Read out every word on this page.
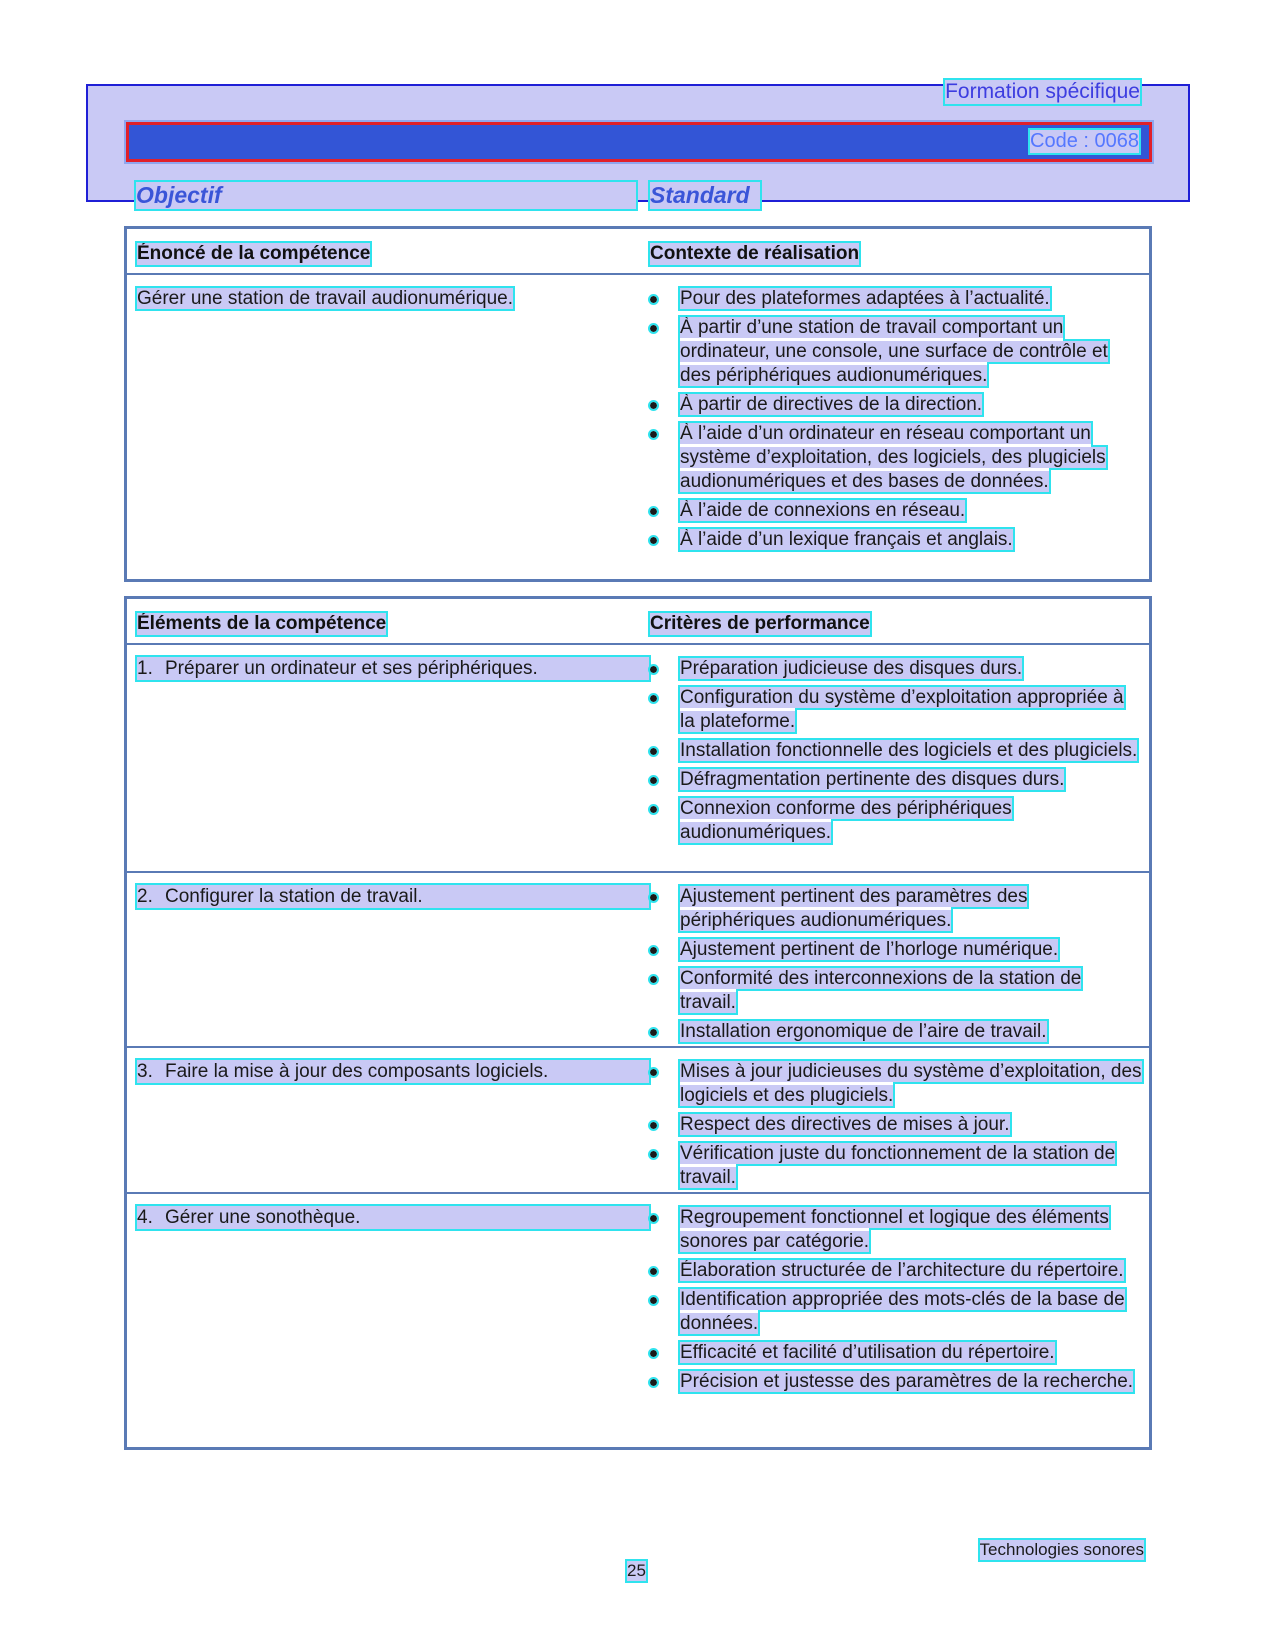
Formation spécifique
Code : 0068
Objectif	Standard
Énoncé de la compétence	Contexte de réalisation
Gérer une station de travail audionumérique.	Pour des plateformes adaptées à l’actualité.
À partir d’une station de travail comportant un ordinateur, une console, une surface de contrôle et des périphériques audionumériques.
À partir de directives de la direction.
À l’aide d’un ordinateur en réseau comportant un système d’exploitation, des logiciels, des plugiciels audionumériques et des bases de données.
À l’aide de connexions en réseau.
À l’aide d’un lexique français et anglais.
Éléments de la compétence	Critères de performance
1. Préparer un ordinateur et ses périphériques.	Préparation judicieuse des disques durs.
Configuration du système d’exploitation appropriée à la plateforme.
Installation fonctionnelle des logiciels et des plugiciels.
Défragmentation pertinente des disques durs.
Connexion conforme des périphériques audionumériques.
2. Configurer la station de travail.	Ajustement pertinent des paramètres des périphériques audionumériques.
Ajustement pertinent de l’horloge numérique.
Conformité des interconnexions de la station de travail.
Installation ergonomique de l’aire de travail.
3. Faire la mise à jour des composants logiciels.	Mises à jour judicieuses du système d’exploitation, des logiciels et des plugiciels.
Respect des directives de mises à jour.
Vérification juste du fonctionnement de la station de travail.
4. Gérer une sonothèque.	Regroupement fonctionnel et logique des éléments sonores par catégorie.
Élaboration structurée de l’architecture du répertoire.
Identification appropriée des mots-clés de la base de données.
Efficacité et facilité d’utilisation du répertoire.
Précision et justesse des paramètres de la recherche.
Technologies sonores
25
